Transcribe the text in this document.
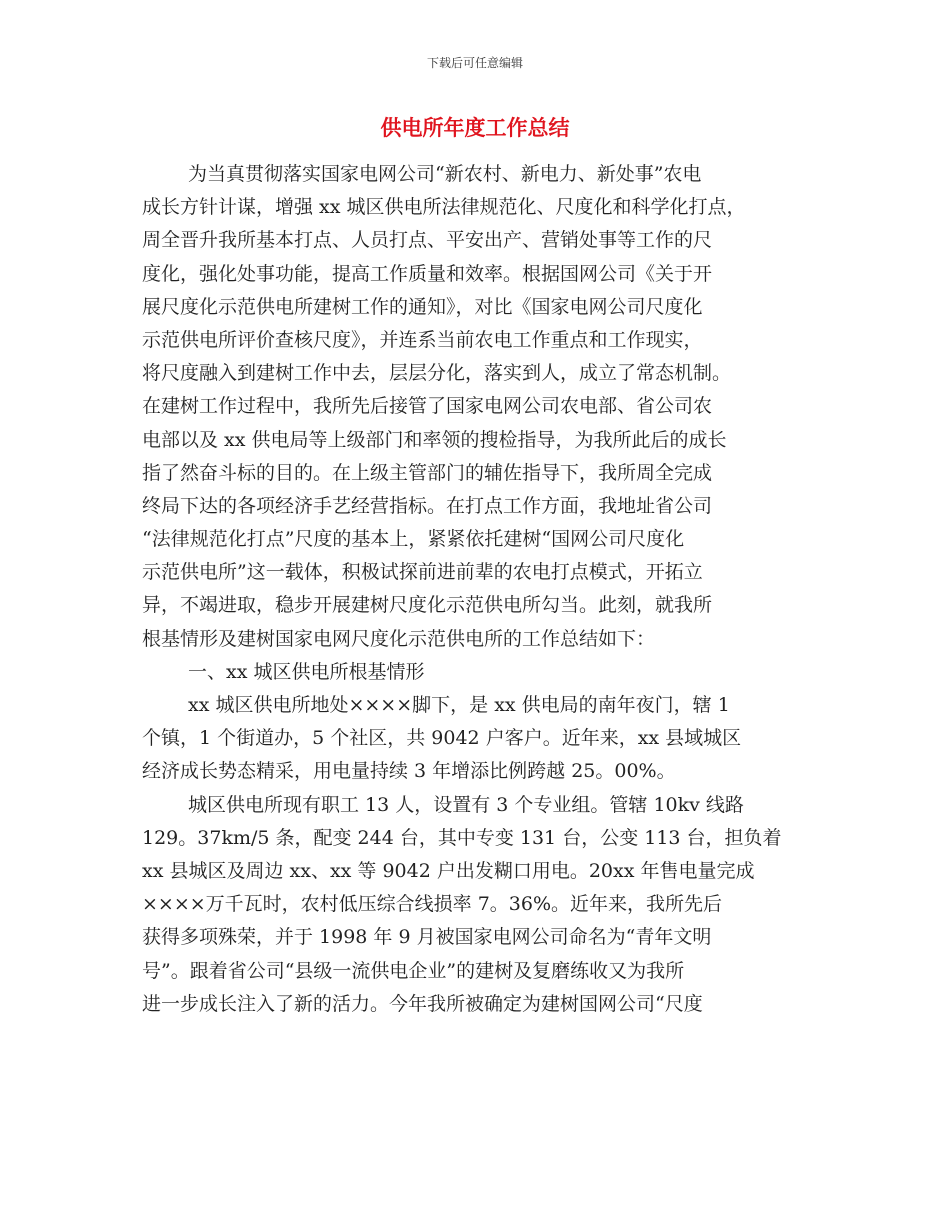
下载后可任意编辑
供电所年度工作总结
为当真贯彻落实国家电网公司“新农村、新电力、新处事”农电
成长方针计谋，增强 xx 城区供电所法律规范化、尺度化和科学化打点，
周全晋升我所基本打点、人员打点、平安出产、营销处事等工作的尺
度化，强化处事功能，提高工作质量和效率。根据国网公司《关于开
展尺度化示范供电所建树工作的通知》，对比《国家电网公司尺度化
示范供电所评价查核尺度》，并连系当前农电工作重点和工作现实，
将尺度融入到建树工作中去，层层分化，落实到人，成立了常态机制。
在建树工作过程中，我所先后接管了国家电网公司农电部、省公司农
电部以及 xx 供电局等上级部门和率领的搜检指导，为我所此后的成长
指了然奋斗标的目的。在上级主管部门的辅佐指导下，我所周全完成
终局下达的各项经济手艺经营指标。在打点工作方面，我地址省公司
“法律规范化打点”尺度的基本上，紧紧依托建树“国网公司尺度化
示范供电所”这一载体，积极试探前进前辈的农电打点模式，开拓立
异，不竭进取，稳步开展建树尺度化示范供电所勾当。此刻，就我所
根基情形及建树国家电网尺度化示范供电所的工作总结如下：
一、xx 城区供电所根基情形
xx 城区供电所地处××××脚下，是 xx 供电局的南年夜门，辖 1
个镇，1 个街道办，5 个社区，共 9042 户客户。近年来，xx 县域城区
经济成长势态精采，用电量持续 3 年增添比例跨越 25。00%。
城区供电所现有职工 13 人，设置有 3 个专业组。管辖 10kv 线路
129。37km/5 条，配变 244 台，其中专变 131 台，公变 113 台，担负着
xx 县城区及周边 xx、xx 等 9042 户出发糊口用电。20xx 年售电量完成
××××万千瓦时，农村低压综合线损率 7。36%。近年来，我所先后
获得多项殊荣，并于 1998 年 9 月被国家电网公司命名为“青年文明
号”。跟着省公司“县级一流供电企业”的建树及复磨练收又为我所
进一步成长注入了新的活力。今年我所被确定为建树国网公司“尺度
